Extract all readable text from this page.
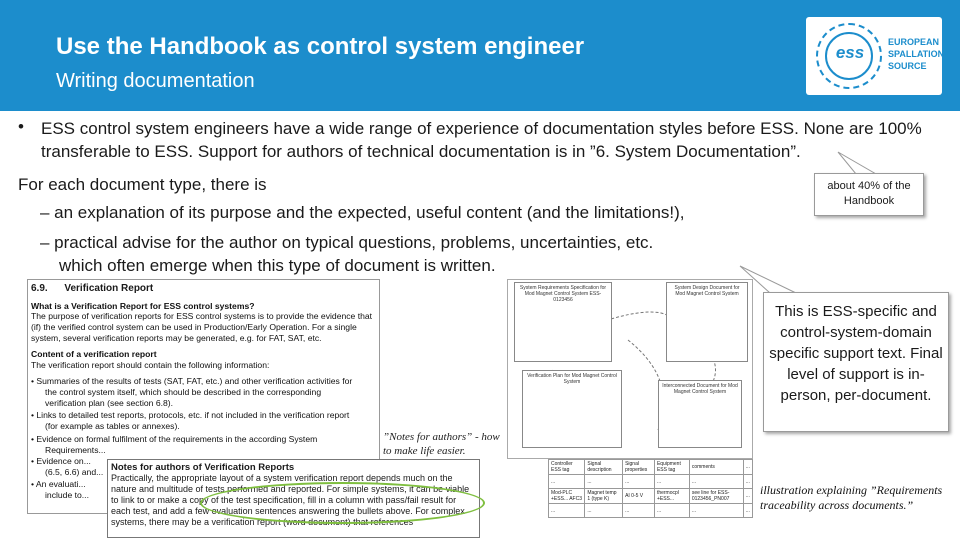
Use the Handbook as control system engineer
Writing documentation
ess
EUROPEAN
SPALLATION
SOURCE
• ESS control system engineers have a wide range of experience of documentation styles before ESS. None are 100% transferable to ESS. Support for authors of technical documentation is in ”6. System Documentation”.
For each document type, there is
– an explanation of its purpose and the expected, useful content (and the limitations!),
– practical advise for the author on typical questions, problems, uncertainties, etc.
which often emerge when this type of document is written.
6.9. Verification Report
What is a Verification Report for ESS control systems?
The purpose of verification reports for ESS control systems is to provide the evidence that
(if) the verified control system can be used in Production/Early Operation. For a single
system, several verification reports may be generated, e.g. for FAT, SAT, etc.
Content of a verification report
The verification report should contain the following information:
• Summaries of the results of tests (SAT, FAT, etc.) and other verification activities for
the control system itself, which should be described in the corresponding
verification plan (see section 6.8).
• Links to detailed test reports, protocols, etc. if not included in the verification report
(for example as tables or annexes).
• Evidence on formal fulfilment of the requirements in the according System
Requirements...
• Evidence on...
(6.5, 6.6) and...
• An evaluati...
include to...
Notes for authors of Verification Reports
Practically, the appropriate layout of a system verification report depends much on the nature and multitude of tests performed and reported. For simple systems, it can be viable to link to or make a copy of the test specification, fill in a column with pass/fail result for each test, and add a few evaluation sentences answering the bullets above. For complex systems, there may be a verification report (word document) that references
System Requirements Specification for Mod Magnet Control System ESS-0123456
System Design Document for Mod Magnet Control System
Verification Plan for Mod Magnet Control System
Interconnected Document for Mod Magnet Control System
Controller ESS tag	Signal description	Signal properties	Equipment ESS tag	comments	...
...	...	...	...	...	...
Mod-PLC +ESS... AFC3	Magnet temp 1 (type K)	AI 0-5 V	thermocpl +ESS...	see line for ESS-0123456_PN007	...
...	...	...	...	...	...
about 40% of the Handbook
This is ESS-specific and control-system-domain specific support text. Final level of support is in-person, per-document.
”Notes for authors” - how to make life easier.
illustration explaining ”Requirements traceability across documents.”
